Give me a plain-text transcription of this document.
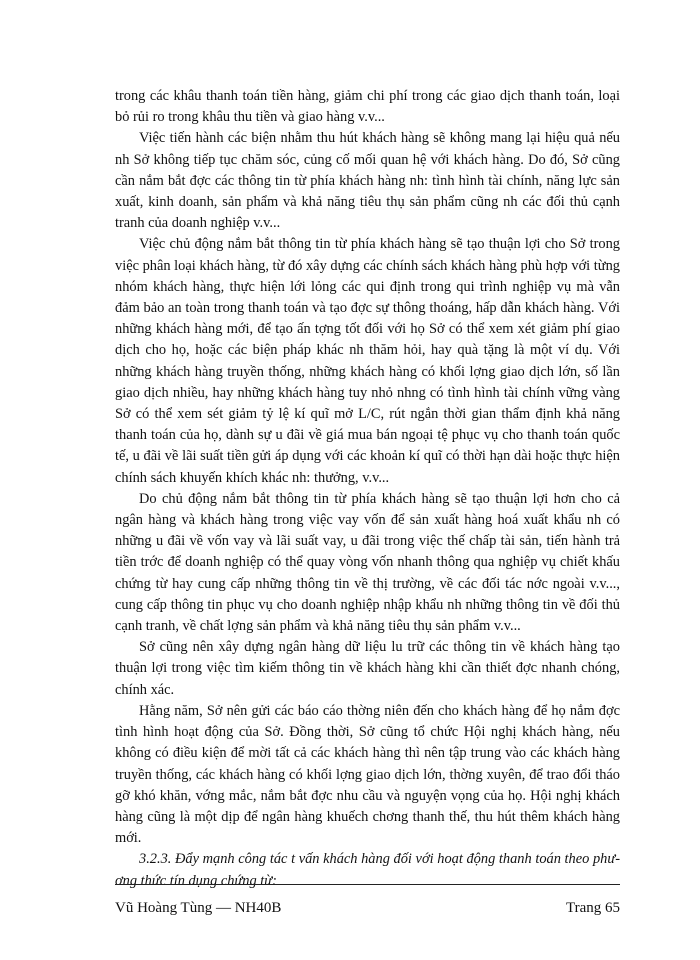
trong các khâu thanh toán tiền hàng, giảm chi phí trong các giao dịch thanh toán, loại bỏ rủi ro trong khâu thu tiền và giao hàng v.v...

Việc tiến hành các biện nhằm thu hút khách hàng sẽ không mang lại hiệu quả nếu nh Sở không tiếp tục chăm sóc, củng cố mối quan hệ với khách hàng. Do đó, Sở cũng cần nắm bắt đợc các thông tin từ phía khách hàng nh: tình hình tài chính, năng lực sản xuất, kinh doanh, sản phẩm và khả năng tiêu thụ sản phẩm cũng nh các đối thủ cạnh tranh của doanh nghiệp v.v...

Việc chủ động nắm bắt thông tin từ phía khách hàng sẽ tạo thuận lợi cho Sở trong việc phân loại khách hàng, từ đó xây dựng các chính sách khách hàng phù hợp với từng nhóm khách hàng, thực hiện lới lỏng các qui định trong qui trình nghiệp vụ mà vẫn đảm bảo an toàn trong thanh toán và tạo đợc sự thông thoáng, hấp dẫn khách hàng. Với những khách hàng mới, để tạo ấn tợng tốt đối với họ Sở có thể xem xét giảm phí giao dịch cho họ, hoặc các biện pháp khác nh thăm hỏi, hay quà tặng là một ví dụ. Với những khách hàng truyền thống, những khách hàng có khối lợng giao dịch lớn, số lần giao dịch nhiều, hay những khách hàng tuy nhỏ nhng có tình hình tài chính vững vàng Sở có thể xem sét giảm tỷ lệ kí quĩ mở L/C, rút ngắn thời gian thẩm định khả năng thanh toán của họ, dành sự u đãi về giá mua bán ngoại tệ phục vụ cho thanh toán quốc tế, u đãi về lãi suất tiền gửi áp dụng với các khoản kí quĩ có thời hạn dài hoặc thực hiện chính sách khuyến khích khác nh: thưởng, v.v...

Do chủ động nắm bắt thông tin từ phía khách hàng sẽ tạo thuận lợi hơn cho cả ngân hàng và khách hàng trong việc vay vốn để sản xuất hàng hoá xuất khẩu nh có những u đãi về vốn vay và lãi suất vay, u đãi trong việc thế chấp tài sản, tiến hành trả tiền trớc để doanh nghiệp có thể quay vòng vốn nhanh thông qua nghiệp vụ chiết khấu chứng từ hay cung cấp những thông tin về thị trường, về các đối tác nớc ngoài v.v..., cung cấp thông tin phục vụ cho doanh nghiệp nhập khẩu nh những thông tin về đối thủ cạnh tranh, về chất lợng sản phẩm và khả năng tiêu thụ sản phẩm v.v...

Sở cũng nên xây dựng ngân hàng dữ liệu lu trữ các thông tin về khách hàng tạo thuận lợi trong việc tìm kiếm thông tin về khách hàng khi cần thiết đợc nhanh chóng, chính xác.

Hằng năm, Sở nên gửi các báo cáo thờng niên đến cho khách hàng để họ nắm đợc tình hình hoạt động của Sở. Đồng thời, Sở cũng tổ chức Hội nghị khách hàng, nếu không có điều kiện để mời tất cả các khách hàng thì nên tập trung vào các khách hàng truyền thống, các khách hàng có khối lợng giao dịch lớn, thờng xuyên, để trao đổi tháo gỡ khó khăn, vớng mắc, nắm bắt đợc nhu cầu và nguyện vọng của họ. Hội nghị khách hàng cũng là một dịp để ngân hàng khuếch chơng thanh thế, thu hút thêm khách hàng mới.

3.2.3. Đẩy mạnh công tác t vấn khách hàng đối với hoạt động thanh toán theo phương thức tín dụng chứng từ:

Vũ Hoàng Tùng — NH40B	Trang 65
